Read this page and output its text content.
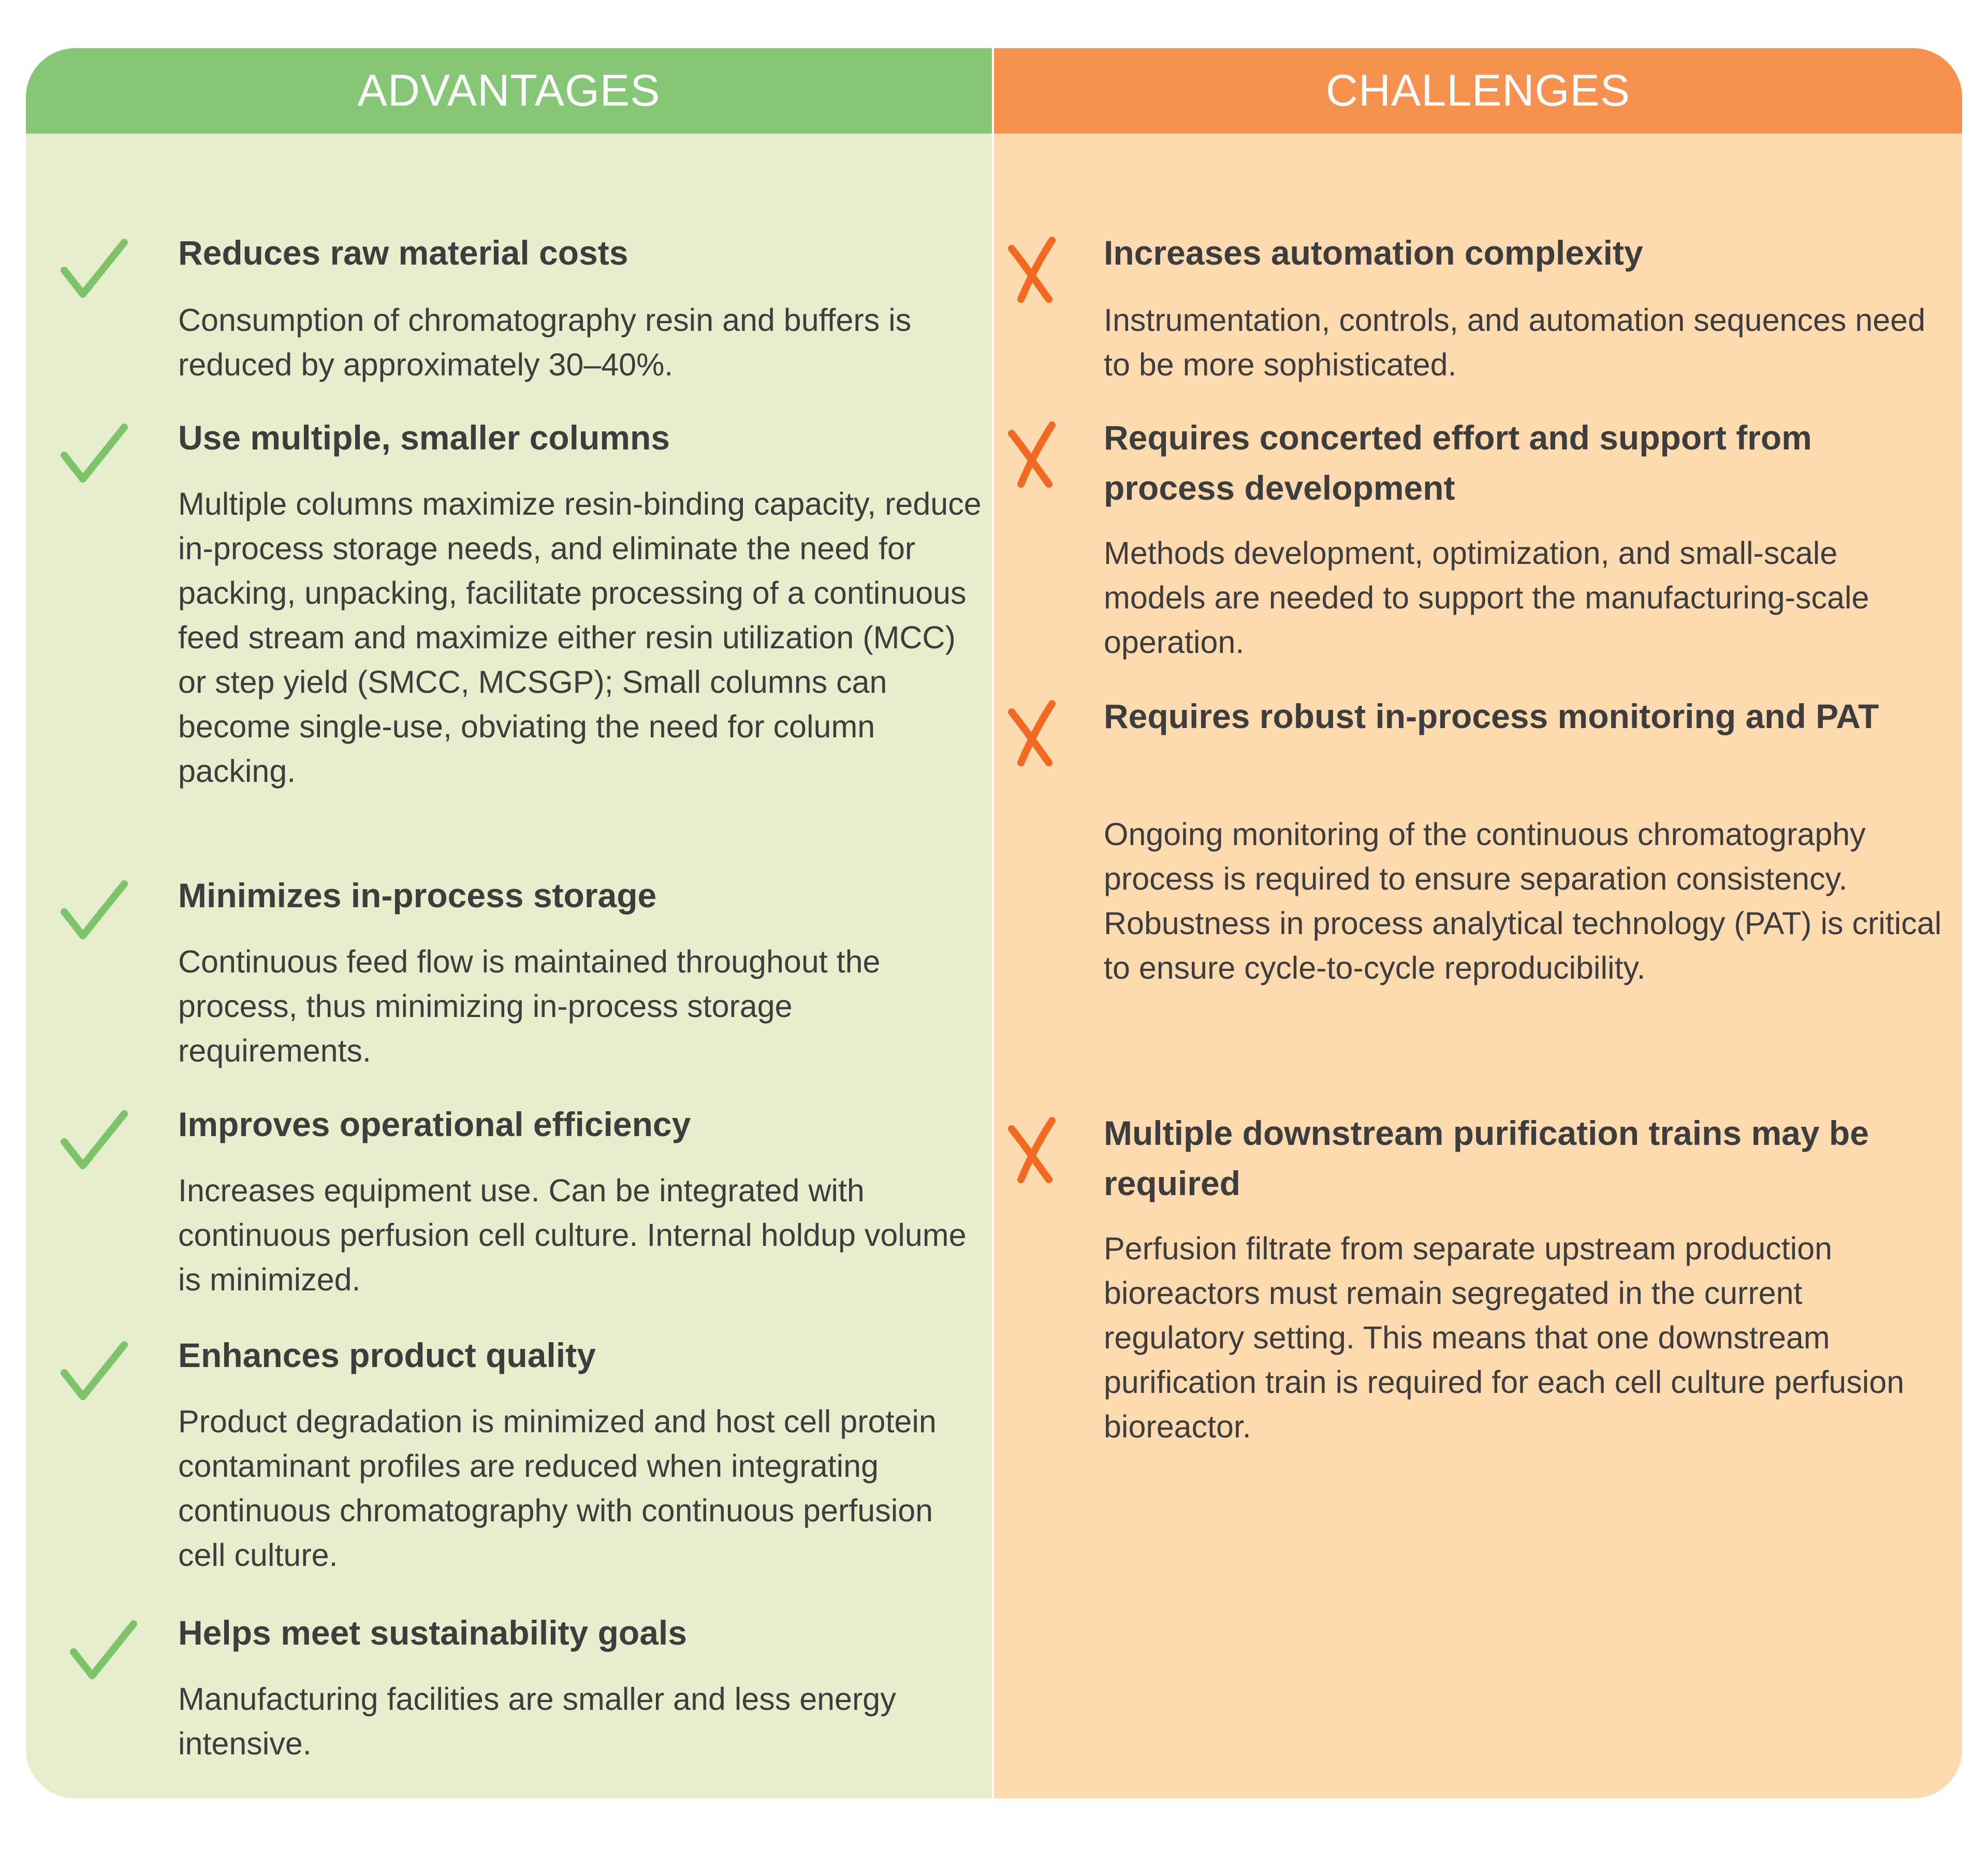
ADVANTAGES
Reduces raw material costs

Consumption of chromatography resin and buffers is reduced by approximately 30–40%.

Use multiple, smaller columns

Multiple columns maximize resin-binding capacity, reduce in-process storage needs, and eliminate the need for packing, unpacking, facilitate processing of a continuous feed stream and maximize either resin utilization (MCC) or step yield (SMCC, MCSGP); Small columns can become single-use, obviating the need for column packing.

Minimizes in-process storage

Continuous feed flow is maintained throughout the process, thus minimizing in-process storage requirements.

Improves operational efficiency

Increases equipment use. Can be integrated with continuous perfusion cell culture. Internal holdup volume is minimized.

Enhances product quality

Product degradation is minimized and host cell protein contaminant profiles are reduced when integrating continuous chromatography with continuous perfusion cell culture.

Helps meet sustainability goals

Manufacturing facilities are smaller and less energy intensive.

CHALLENGES
Increases automation complexity

Instrumentation, controls, and automation sequences need to be more sophisticated.

Requires concerted effort and support from process development

Methods development, optimization, and small-scale models are needed to support the manufacturing-scale operation.

Requires robust in-process monitoring and PAT

Ongoing monitoring of the continuous chromatography process is required to ensure separation consistency. Robustness in process analytical technology (PAT) is critical to ensure cycle-to-cycle reproducibility.

Multiple downstream purification trains may be required

Perfusion filtrate from separate upstream production bioreactors must remain segregated in the current regulatory setting. This means that one downstream purification train is required for each cell culture perfusion bioreactor.
